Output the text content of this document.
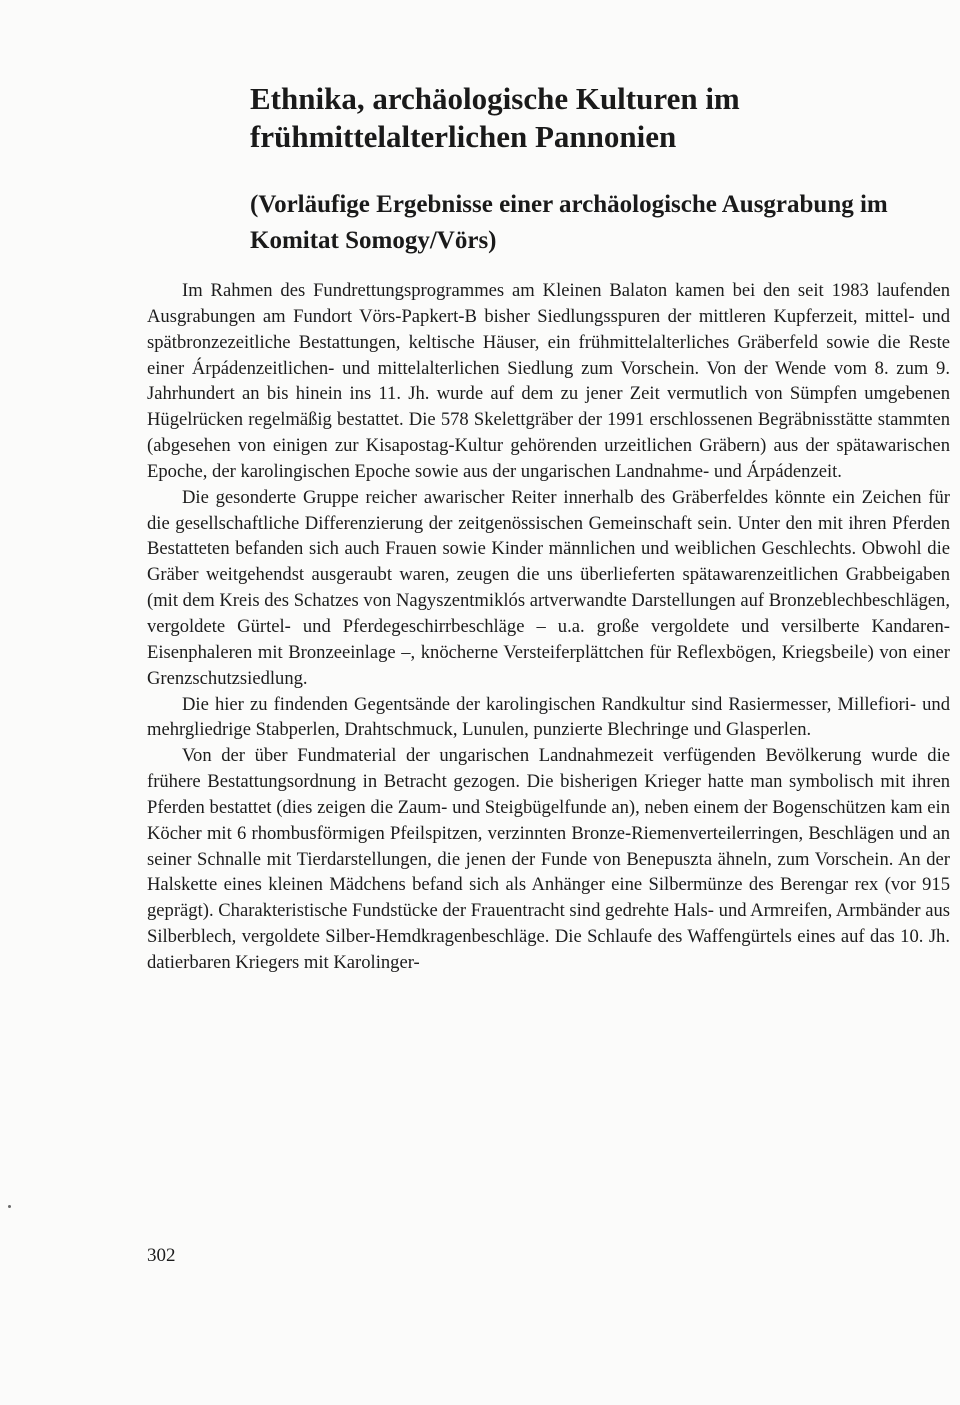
Ethnika, archäologische Kulturen im frühmittelalterlichen Pannonien
(Vorläufige Ergebnisse einer archäologische Ausgrabung im Komitat Somogy/Vörs)

Im Rahmen des Fundrettungsprogrammes am Kleinen Balaton kamen bei den seit 1983 laufenden Ausgrabungen am Fundort Vörs-Papkert-B bisher Siedlungsspuren der mittleren Kupferzeit, mittel- und spätbronzezeitliche Bestattungen, keltische Häuser, ein frühmittelalterliches Gräberfeld sowie die Reste einer Árpádenzeitlichen- und mittelalterlichen Siedlung zum Vorschein. Von der Wende vom 8. zum 9. Jahrhundert an bis hinein ins 11. Jh. wurde auf dem zu jener Zeit vermutlich von Sümpfen umgebenen Hügelrücken regelmäßig bestattet. Die 578 Skelettgräber der 1991 erschlossenen Begräbnisstätte stammten (abgesehen von einigen zur Kisapostag-Kultur gehörenden urzeitlichen Gräbern) aus der spätawarischen Epoche, der karolingischen Epoche sowie aus der ungarischen Landnahme- und Árpádenzeit.

Die gesonderte Gruppe reicher awarischer Reiter innerhalb des Gräberfeldes könnte ein Zeichen für die gesellschaftliche Differenzierung der zeitgenössischen Gemeinschaft sein. Unter den mit ihren Pferden Bestatteten befanden sich auch Frauen sowie Kinder männlichen und weiblichen Geschlechts. Obwohl die Gräber weitgehendst ausgeraubt waren, zeugen die uns überlieferten spätawarenzeitlichen Grabbeigaben (mit dem Kreis des Schatzes von Nagyszentmiklós artverwandte Darstellungen auf Bronzeblechbeschlägen, vergoldete Gürtel- und Pferdegeschirrbeschläge – u.a. große vergoldete und versilberte Kandaren-Eisenphaleren mit Bronzeeinlage –, knöcherne Versteiferplättchen für Reflexbögen, Kriegsbeile) von einer Grenzschutzsiedlung.

Die hier zu findenden Gegentsände der karolingischen Randkultur sind Rasiermesser, Millefiori- und mehrgliedrige Stabperlen, Drahtschmuck, Lunulen, punzierte Blechringe und Glasperlen.

Von der über Fundmaterial der ungarischen Landnahmezeit verfügenden Bevölkerung wurde die frühere Bestattungsordnung in Betracht gezogen. Die bisherigen Krieger hatte man symbolisch mit ihren Pferden bestattet (dies zeigen die Zaum- und Steigbügelfunde an), neben einem der Bogenschützen kam ein Köcher mit 6 rhombusförmigen Pfeilspitzen, verzinnten Bronze-Riemenverteilerringen, Beschlägen und an seiner Schnalle mit Tierdarstellungen, die jenen der Funde von Benepuszta ähneln, zum Vorschein. An der Halskette eines kleinen Mädchens befand sich als Anhänger eine Silbermünze des Berengar rex (vor 915 geprägt). Charakteristische Fundstücke der Frauentracht sind gedrehte Hals- und Armreifen, Armbänder aus Silberblech, vergoldete Silber-Hemdkragenbeschläge. Die Schlaufe des Waffengürtels eines auf das 10. Jh. datierbaren Kriegers mit Karolinger-

302
